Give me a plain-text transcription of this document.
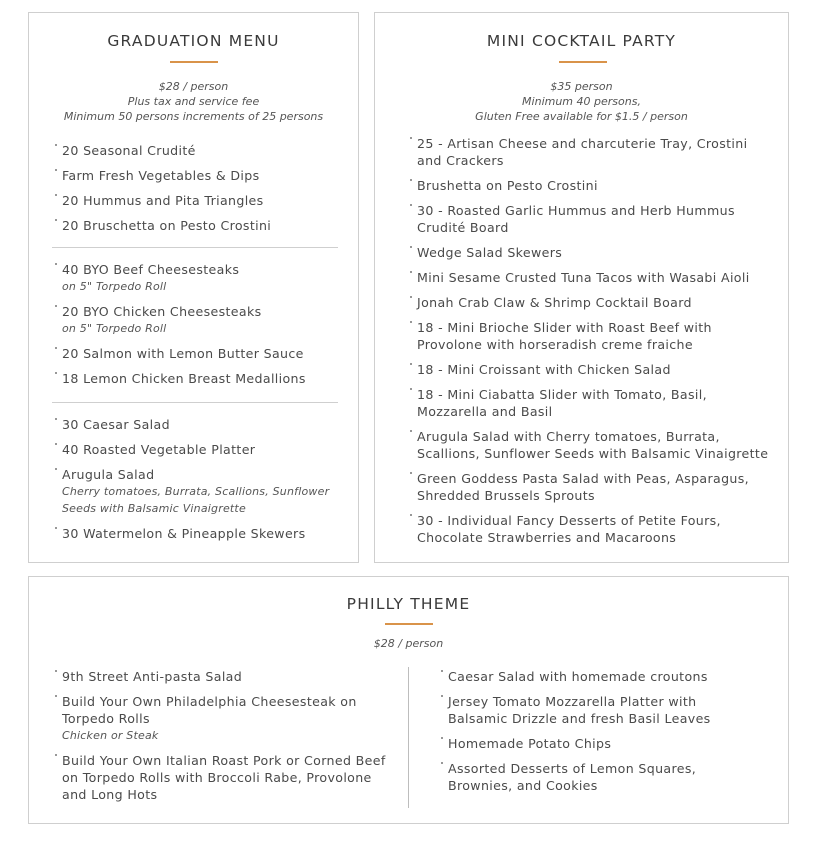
GRADUATION MENU
$28 / person
Plus tax and service fee
Minimum 50 persons increments of 25 persons
20 Seasonal Crudité
Farm Fresh Vegetables & Dips
20 Hummus and Pita Triangles
20 Bruschetta on Pesto Crostini
40 BYO Beef Cheesesteaks
on 5" Torpedo Roll
20 BYO Chicken Cheesesteaks
on 5" Torpedo Roll
20 Salmon with Lemon Butter Sauce
18 Lemon Chicken Breast Medallions
30 Caesar Salad
40 Roasted Vegetable Platter
Arugula Salad
Cherry tomatoes, Burrata, Scallions, Sunflower Seeds with Balsamic Vinaigrette
30 Watermelon & Pineapple Skewers
MINI COCKTAIL PARTY
$35 person
Minimum 40 persons,
Gluten Free available for $1.5 / person
25 - Artisan Cheese and charcuterie Tray, Crostini and Crackers
Brushetta on Pesto Crostini
30 - Roasted Garlic Hummus and Herb Hummus Crudité Board
Wedge Salad Skewers
Mini Sesame Crusted Tuna Tacos with Wasabi Aioli
Jonah Crab Claw & Shrimp Cocktail Board
18 - Mini Brioche Slider with Roast Beef with Provolone with horseradish creme fraiche
18 - Mini Croissant with Chicken Salad
18 - Mini Ciabatta Slider with Tomato, Basil, Mozzarella and Basil
Arugula Salad with Cherry tomatoes, Burrata, Scallions, Sunflower Seeds with Balsamic Vinaigrette
Green Goddess Pasta Salad with Peas, Asparagus, Shredded Brussels Sprouts
30 - Individual Fancy Desserts of Petite Fours, Chocolate Strawberries and Macaroons
PHILLY THEME
$28 / person
9th Street Anti-pasta Salad
Build Your Own Philadelphia Cheesesteak on Torpedo Rolls
Chicken or Steak
Build Your Own Italian Roast Pork or Corned Beef on Torpedo Rolls with Broccoli Rabe, Provolone and Long Hots
Caesar Salad with homemade croutons
Jersey Tomato Mozzarella Platter with Balsamic Drizzle and fresh Basil Leaves
Homemade Potato Chips
Assorted Desserts of Lemon Squares, Brownies, and Cookies
